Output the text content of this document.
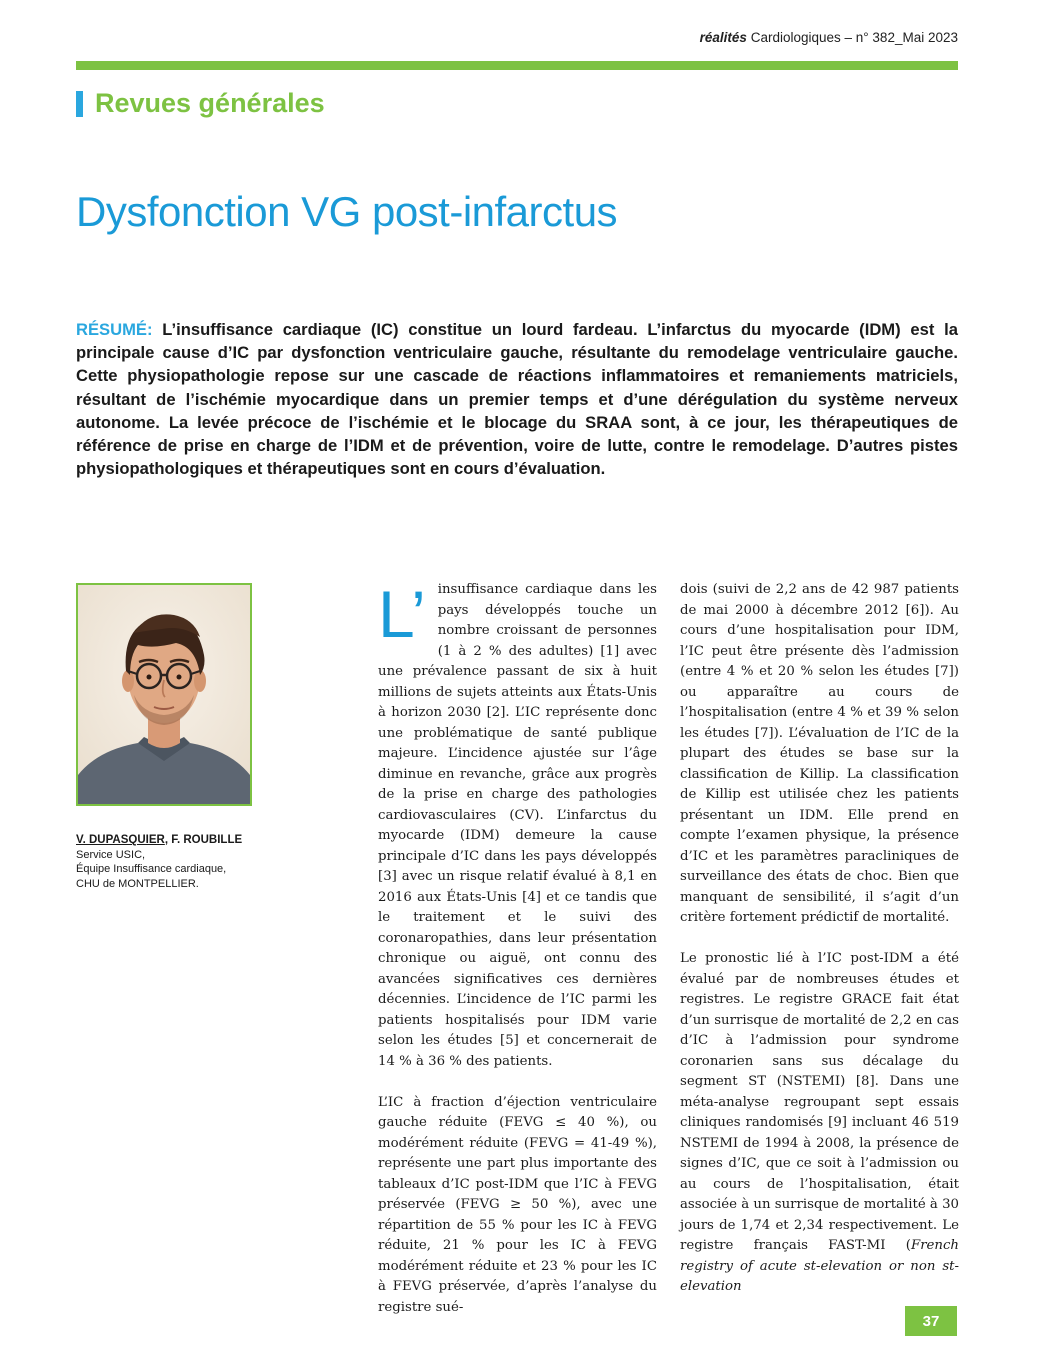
réalités Cardiologiques – n° 382_Mai 2023
Revues générales
Dysfonction VG post-infarctus
RÉSUMÉ: L’insuffisance cardiaque (IC) constitue un lourd fardeau. L’infarctus du myocarde (IDM) est la principale cause d’IC par dysfonction ventriculaire gauche, résultante du remodelage ventriculaire gauche. Cette physiopathologie repose sur une cascade de réactions inflammatoires et remaniements matriciels, résultant de l’ischémie myocardique dans un premier temps et d’une dérégulation du système nerveux autonome. La levée précoce de l’ischémie et le blocage du SRAA sont, à ce jour, les thérapeutiques de référence de prise en charge de l’IDM et de prévention, voire de lutte, contre le remodelage. D’autres pistes physiopathologiques et thérapeutiques sont en cours d’évaluation.
V. DUPASQUIER, F. ROUBILLE
Service USIC,
Équipe Insuffisance cardiaque,
CHU de MONTPELLIER.
L’ insuffisance cardiaque dans les pays développés touche un nombre croissant de personnes (1 à 2 % des adultes) [1] avec une prévalence passant de six à huit millions de sujets atteints aux États-Unis à horizon 2030 [2]. L’IC représente donc une problématique de santé publique majeure. L’incidence ajustée sur l’âge diminue en revanche, grâce aux progrès de la prise en charge des pathologies cardiovasculaires (CV). L’infarctus du myocarde (IDM) demeure la cause principale d’IC dans les pays développés [3] avec un risque relatif évalué à 8,1 en 2016 aux États-Unis [4] et ce tandis que le traitement et le suivi des coronaropathies, dans leur présentation chronique ou aiguë, ont connu des avancées significatives ces dernières décennies. L’incidence de l’IC parmi les patients hospitalisés pour IDM varie selon les études [5] et concernerait de 14 % à 36 % des patients.

L’IC à fraction d’éjection ventriculaire gauche réduite (FEVG ≤ 40 %), ou modérément réduite (FEVG = 41-49 %), représente une part plus importante des tableaux d’IC post-IDM que l’IC à FEVG préservée (FEVG ≥ 50 %), avec une répartition de 55 % pour les IC à FEVG réduite, 21 % pour les IC à FEVG modérément réduite et 23 % pour les IC à FEVG préservée, d’après l’analyse du registre sué-

dois (suivi de 2,2 ans de 42 987 patients de mai 2000 à décembre 2012 [6]). Au cours d’une hospitalisation pour IDM, l’IC peut être présente dès l’admission (entre 4 % et 20 % selon les études [7]) ou apparaître au cours de l’hospitalisation (entre 4 % et 39 % selon les études [7]). L’évaluation de l’IC de la plupart des études se base sur la classification de Killip. La classification de Killip est utilisée chez les patients présentant un IDM. Elle prend en compte l’examen physique, la présence d’IC et les paramètres paracliniques de surveillance des états de choc. Bien que manquant de sensibilité, il s’agit d’un critère fortement prédictif de mortalité.

Le pronostic lié à l’IC post-IDM a été évalué par de nombreuses études et registres. Le registre GRACE fait état d’un surrisque de mortalité de 2,2 en cas d’IC à l’admission pour syndrome coronarien sans sus décalage du segment ST (NSTEMI) [8]. Dans une méta-analyse regroupant sept essais cliniques randomisés [9] incluant 46 519 NSTEMI de 1994 à 2008, la présence de signes d’IC, que ce soit à l’admission ou au cours de l’hospitalisation, était associée à un surrisque de mortalité à 30 jours de 1,74 et 2,34 respectivement. Le registre français FAST-MI (French registry of acute st-elevation or non st-elevation

37
